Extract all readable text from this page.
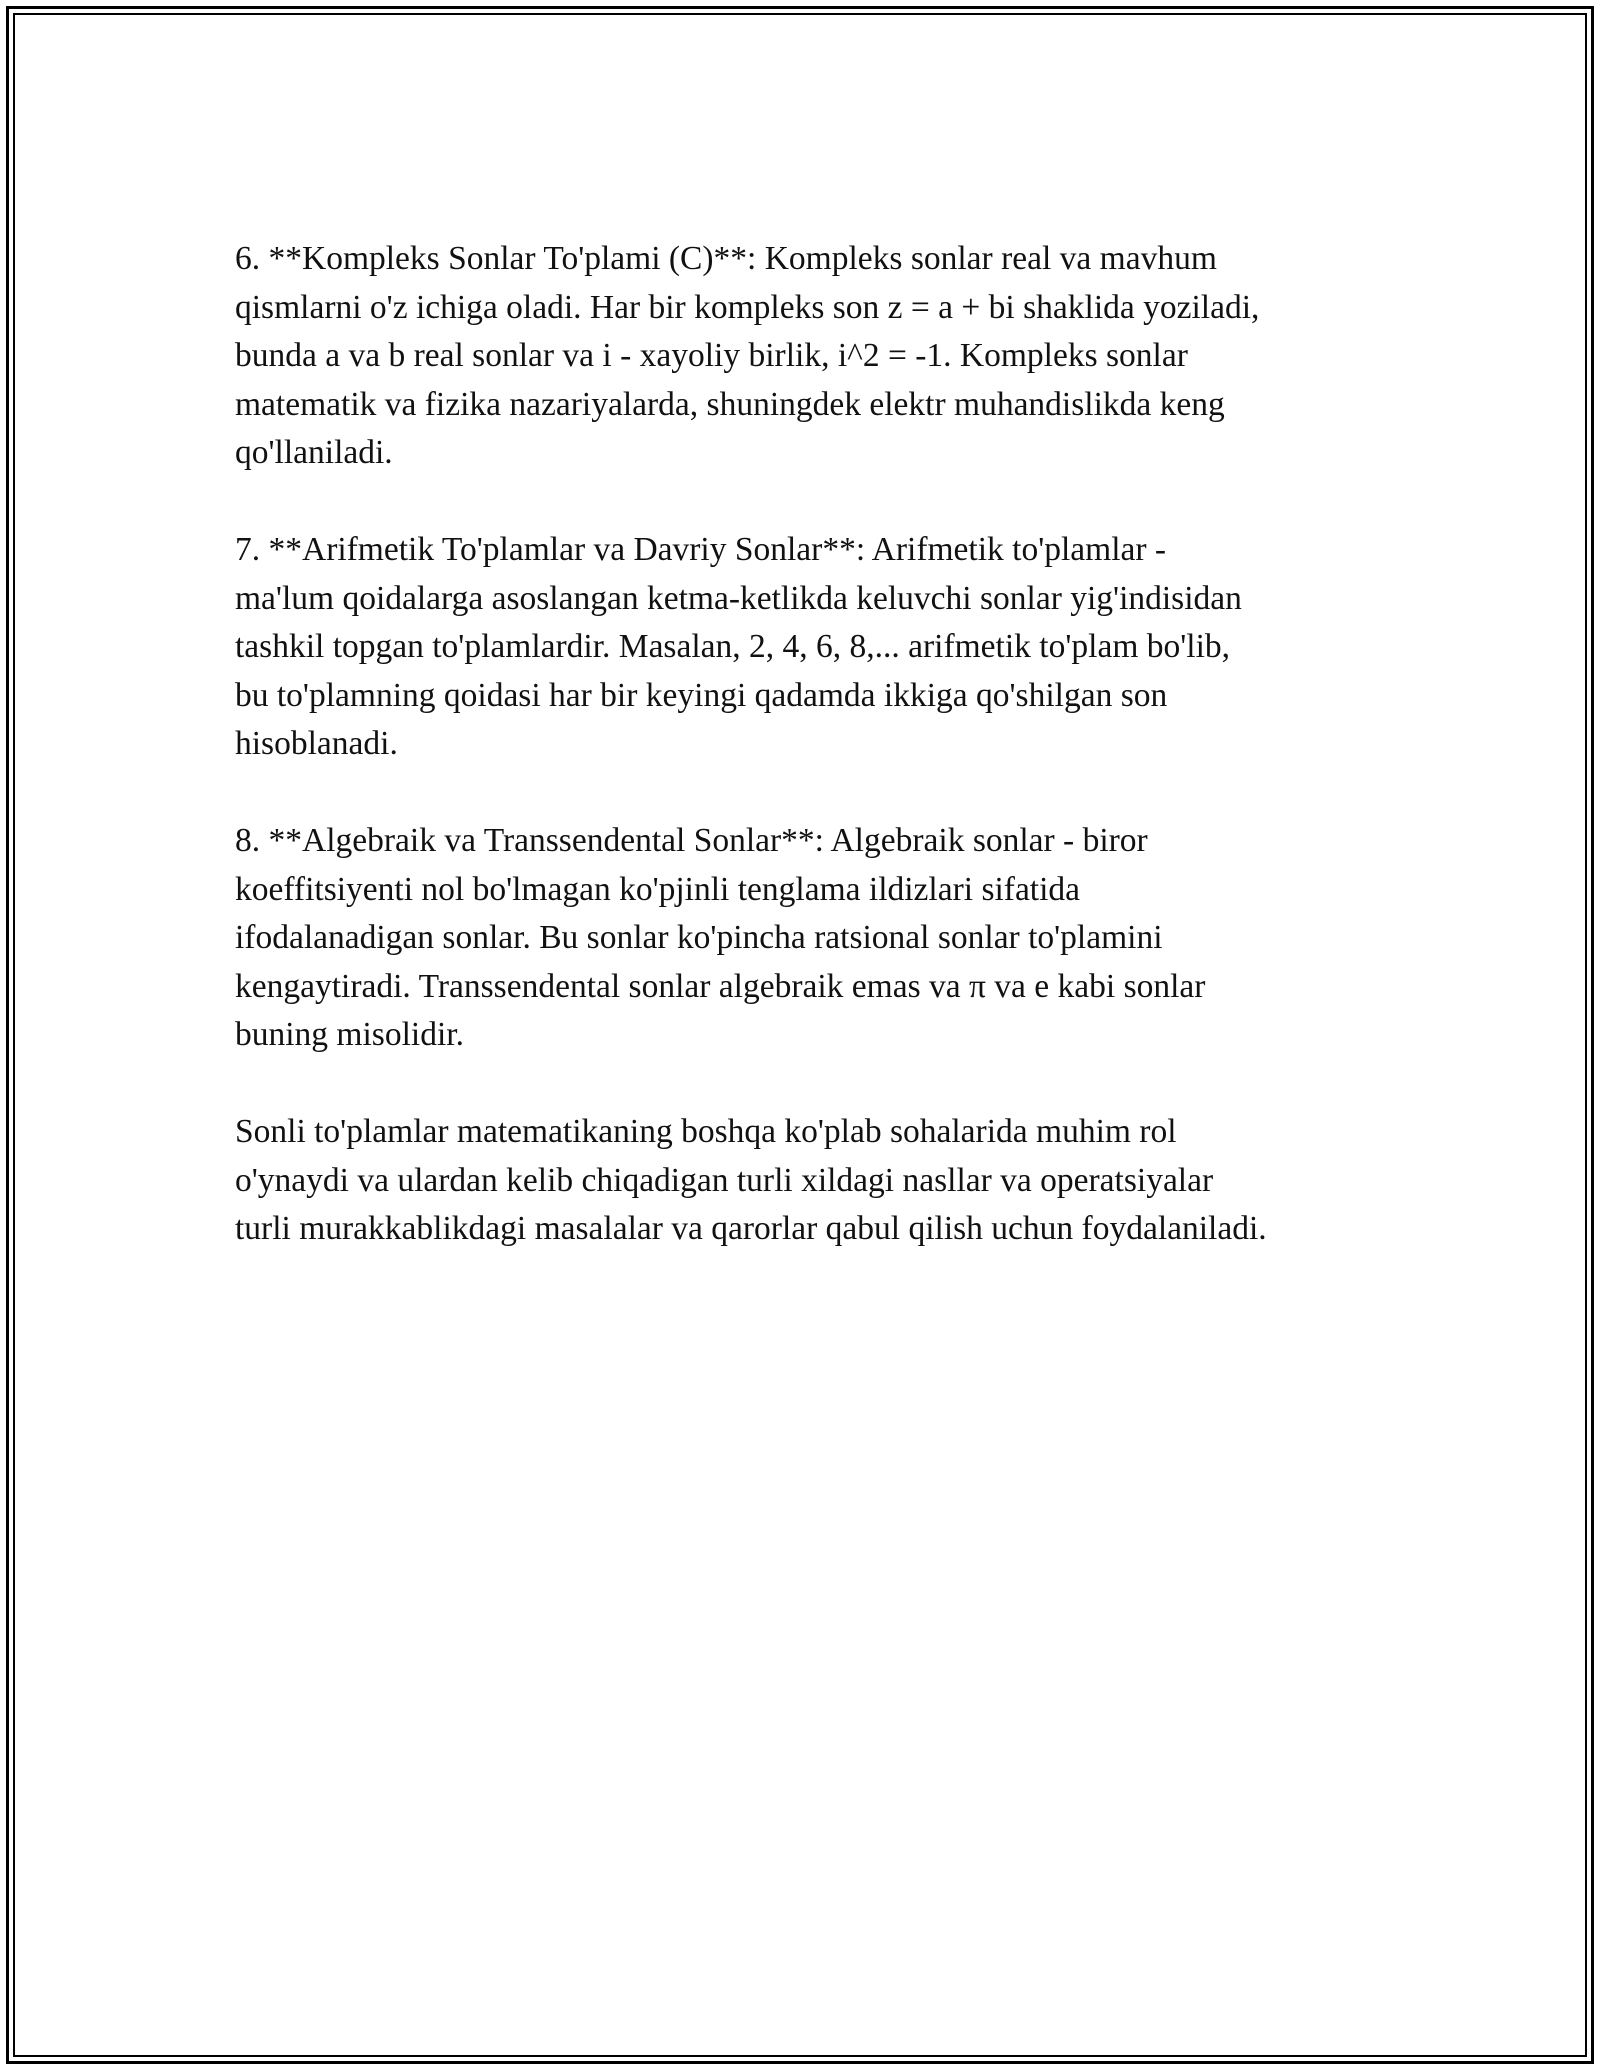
6. **Kompleks Sonlar To'plami (C)**: Kompleks sonlar real va mavhum
qismlarni o'z ichiga oladi. Har bir kompleks son z = a + bi shaklida yoziladi,
bunda a va b real sonlar va i - xayoliy birlik, i^2 = -1. Kompleks sonlar
matematik va fizika nazariyalarda, shuningdek elektr muhandislikda keng
qo'llaniladi.

7. **Arifmetik To'plamlar va Davriy Sonlar**: Arifmetik to'plamlar -
ma'lum qoidalarga asoslangan ketma-ketlikda keluvchi sonlar yig'indisidan
tashkil topgan to'plamlardir. Masalan, 2, 4, 6, 8,... arifmetik to'plam bo'lib,
bu to'plamning qoidasi har bir keyingi qadamda ikkiga qo'shilgan son
hisoblanadi.

8. **Algebraik va Transsendental Sonlar**: Algebraik sonlar - biror
koeffitsiyenti nol bo'lmagan ko'pjinli tenglama ildizlari sifatida
ifodalanadigan sonlar. Bu sonlar ko'pincha ratsional sonlar to'plamini
kengaytiradi. Transsendental sonlar algebraik emas va π va e kabi sonlar
buning misolidir.

Sonli to'plamlar matematikaning boshqa ko'plab sohalarida muhim rol
o'ynaydi va ulardan kelib chiqadigan turli xildagi nasllar va operatsiyalar
turli murakkablikdagi masalalar va qarorlar qabul qilish uchun foydalaniladi.
